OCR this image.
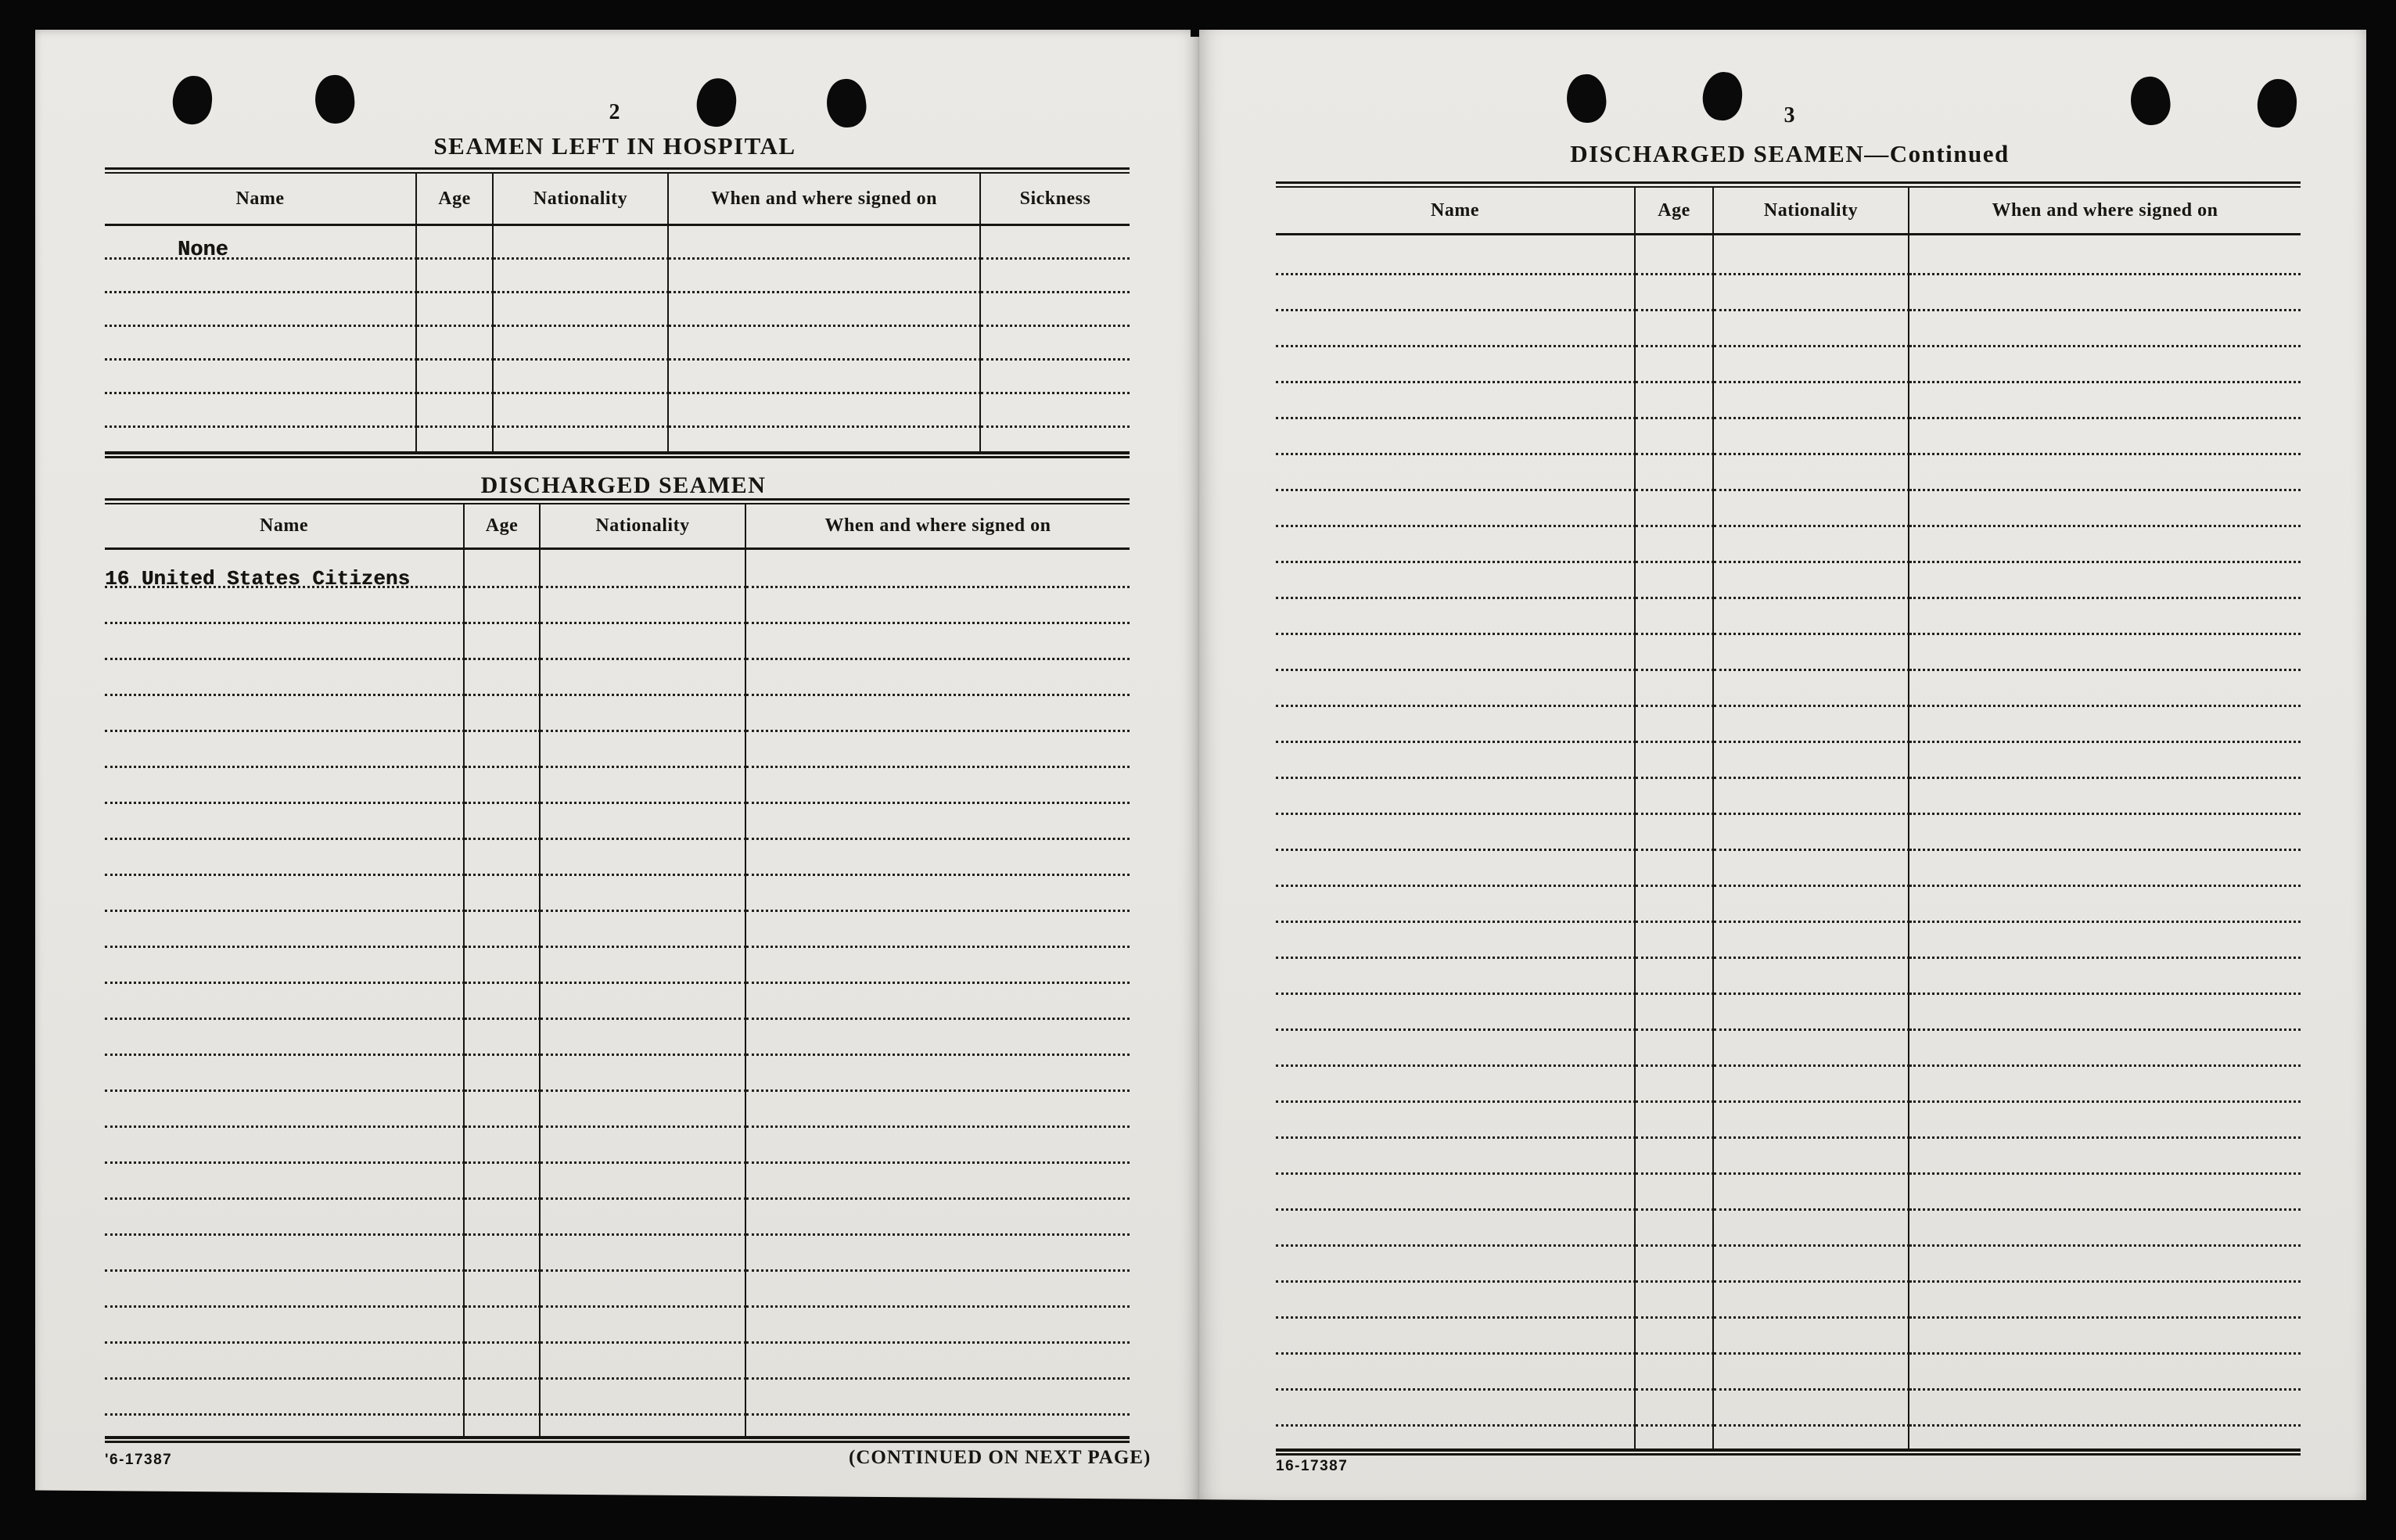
2
SEAMEN LEFT IN HOSPITAL
Name	Age	Nationality	When and where signed on	Sickness
None
DISCHARGED SEAMEN
Name	Age	Nationality	When and where signed on
16 United States Citizens
'6-17387	(CONTINUED ON NEXT PAGE)
3
DISCHARGED SEAMEN—Continued
Name	Age	Nationality	When and where signed on
16-17387
